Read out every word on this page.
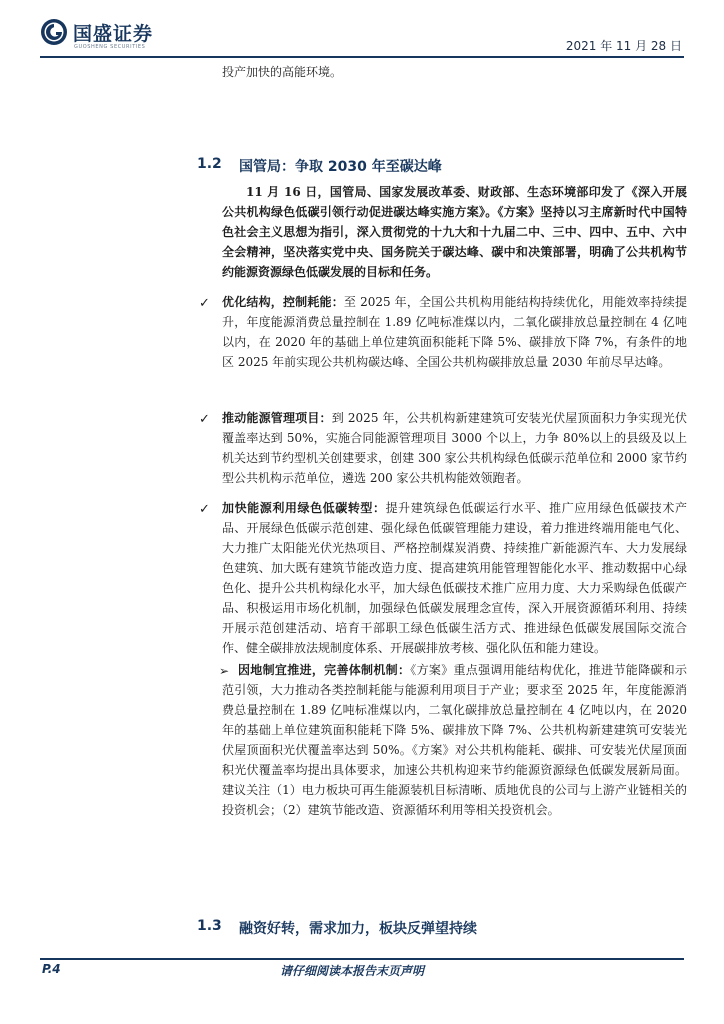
国盛证券
GUOSHENG SECURITIES	2021 年 11 月 28 日

投产加快的高能环境。

1.2 国管局：争取 2030 年至碳达峰

11 月 16 日，国管局、国家发展改革委、财政部、生态环境部印发了《深入开展公共机构绿色低碳引领行动促进碳达峰实施方案》。《方案》坚持以习主席新时代中国特色社会主义思想为指引，深入贯彻党的十九大和十九届二中、三中、四中、五中、六中全会精神，坚决落实党中央、国务院关于碳达峰、碳中和决策部署，明确了公共机构节约能源资源绿色低碳发展的目标和任务。

✓ 优化结构，控制耗能：至 2025 年，全国公共机构用能结构持续优化，用能效率持续提升，年度能源消费总量控制在 1.89 亿吨标准煤以内，二氧化碳排放总量控制在 4 亿吨以内，在 2020 年的基础上单位建筑面积能耗下降 5%、碳排放下降 7%，有条件的地区 2025 年前实现公共机构碳达峰、全国公共机构碳排放总量 2030 年前尽早达峰。

✓ 推动能源管理项目：到 2025 年，公共机构新建建筑可安装光伏屋顶面积力争实现光伏覆盖率达到 50%，实施合同能源管理项目 3000 个以上，力争 80%以上的县级及以上机关达到节约型机关创建要求，创建 300 家公共机构绿色低碳示范单位和 2000 家节约型公共机构示范单位，遴选 200 家公共机构能效领跑者。

✓ 加快能源利用绿色低碳转型：提升建筑绿色低碳运行水平、推广应用绿色低碳技术产品、开展绿色低碳示范创建、强化绿色低碳管理能力建设，着力推进终端用能电气化、大力推广太阳能光伏光热项目、严格控制煤炭消费、持续推广新能源汽车、大力发展绿色建筑、加大既有建筑节能改造力度、提高建筑用能管理智能化水平、推动数据中心绿色化、提升公共机构绿化水平，加大绿色低碳技术推广应用力度、大力采购绿色低碳产品、积极运用市场化机制，加强绿色低碳发展理念宣传，深入开展资源循环利用、持续开展示范创建活动、培育干部职工绿色低碳生活方式、推进绿色低碳发展国际交流合作、健全碳排放法规制度体系、开展碳排放考核、强化队伍和能力建设。

➢ 因地制宜推进，完善体制机制：《方案》重点强调用能结构优化，推进节能降碳和示范引领，大力推动各类控制耗能与能源利用项目于产业；要求至 2025 年，年度能源消费总量控制在 1.89 亿吨标准煤以内，二氧化碳排放总量控制在 4 亿吨以内，在 2020 年的基础上单位建筑面积能耗下降 5%、碳排放下降 7%、公共机构新建建筑可安装光伏屋顶面积光伏覆盖率达到 50%。《方案》对公共机构能耗、碳排、可安装光伏屋顶面积光伏覆盖率均提出具体要求，加速公共机构迎来节约能源资源绿色低碳发展新局面。建议关注（1）电力板块可再生能源装机目标清晰、质地优良的公司与上游产业链相关的投资机会；（2）建筑节能改造、资源循环利用等相关投资机会。

1.3 融资好转，需求加力，板块反弹望持续
P.4	请仔细阅读本报告末页声明
